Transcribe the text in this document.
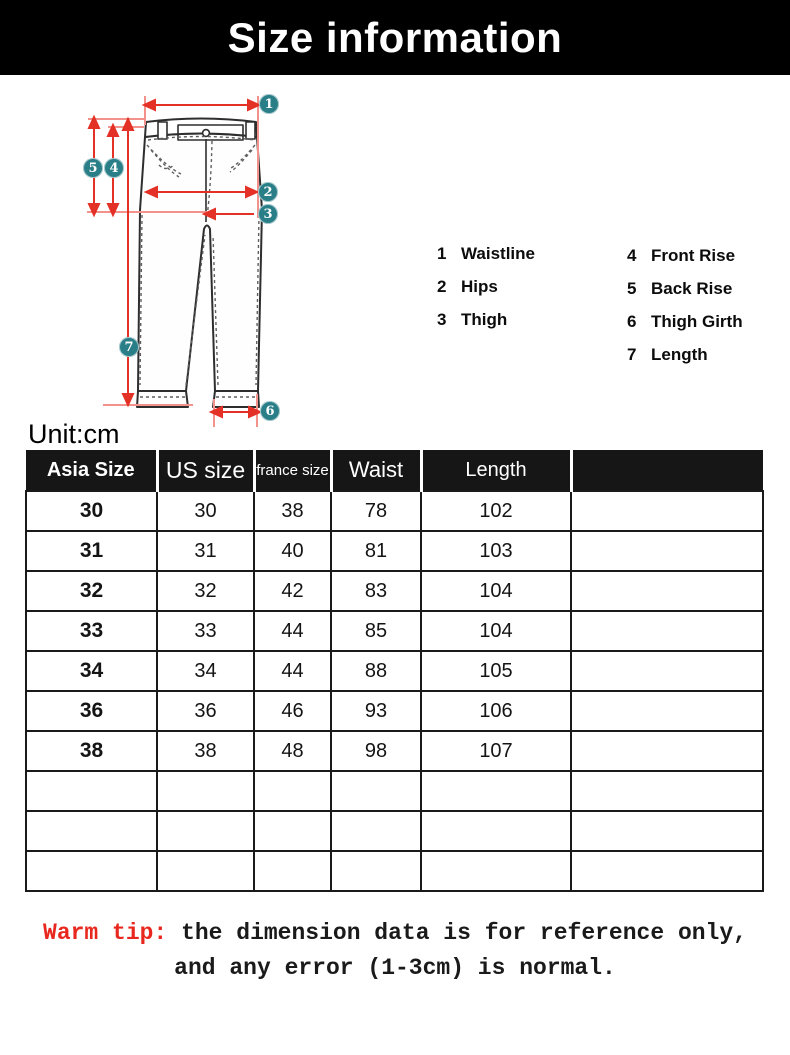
Size information
1
2
3
4
5
6
7
1 Waistline
2 Hips
3 Thigh
4 Front Rise
5 Back Rise
6 Thigh Girth
7 Length
Unit:cm
Asia Size	US size	france size	Waist	Length	
30	30	38	78	102	
31	31	40	81	103	
32	32	42	83	104	
33	33	44	85	104	
34	34	44	88	105	
36	36	46	93	106	
38	38	48	98	107	

Warm tip: the dimension data is for reference only,
and any error (1-3cm) is normal.
